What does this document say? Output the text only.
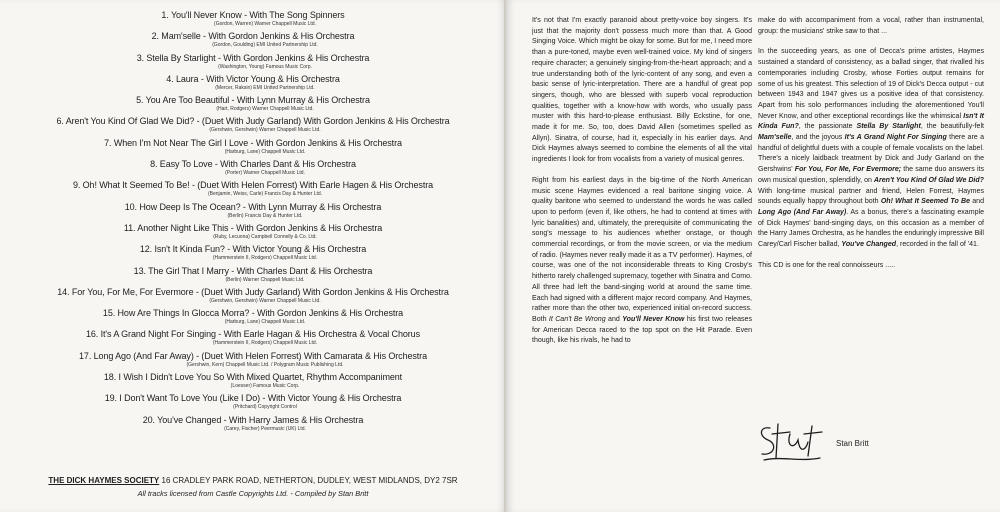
1. You'll Never Know - With The Song Spinners
(Gordon, Warren) Warner Chappell Music Ltd.
2. Mam'selle - With Gordon Jenkins & His Orchestra
(Gordon, Goulding) EMI United Partnership Ltd.
3. Stella By Starlight - With Gordon Jenkins & His Orchestra
(Washington, Young) Famous Music Corp.
4. Laura - With Victor Young & His Orchestra
(Mercer, Raksin) EMI United Partnership Ltd.
5. You Are Too Beautiful - With Lynn Murray & His Orchestra
(Hart, Rodgers) Warner Chappell Music Ltd.
6. Aren't You Kind Of Glad We Did? - (Duet With Judy Garland) With Gordon Jenkins & His Orchestra
(Gershwin, Gershwin) Warner Chappell Music Ltd.
7. When I'm Not Near The Girl I Love - With Gordon Jenkins & His Orchestra
(Harburg, Lane) Chappell Music Ltd.
8. Easy To Love - With Charles Dant & His Orchestra
(Porter) Warner Chappell Music Ltd.
9. Oh! What It Seemed To Be! - (Duet With Helen Forrest) With Earle Hagen & His Orchestra
(Benjamin, Weiss, Carle) Francis Day & Hunter Ltd.
10. How Deep Is The Ocean? - With Lynn Murray & His Orchestra
(Berlin) Francis Day & Hunter Ltd.
11. Another Night Like This - With Gordon Jenkins & His Orchestra
(Ruby, Lecuona) Campbell Connelly & Co. Ltd.
12. Isn't It Kinda Fun? - With Victor Young & His Orchestra
(Hammerstein II, Rodgers) Chappell Music Ltd.
13. The Girl That I Marry - With Charles Dant & His Orchestra
(Berlin) Warner Chappell Music Ltd.
14. For You, For Me, For Evermore - (Duet With Judy Garland) With Gordon Jenkins & His Orchestra
(Gershwin, Gershwin) Warner Chappell Music Ltd.
15. How Are Things In Glocca Morra? - With Gordon Jenkins & His Orchestra
(Harburg, Lane) Chappell Music Ltd.
16. It's A Grand Night For Singing - With Earle Hagan & His Orchestra & Vocal Chorus
(Hammerstein II, Rodgers) Chappell Music Ltd.
17. Long Ago (And Far Away) - (Duet With Helen Forrest) With Camarata & His Orchestra
(Gershwin, Kern) Chappell Music Ltd. / Polygram Music Publishing Ltd.
18. I Wish I Didn't Love You So With Mixed Quartet, Rhythm Accompaniment
(Loesser) Famous Music Corp.
19. I Don't Want To Love You (Like I Do) - With Victor Young & His Orchestra
(Pritchard) Copyright Control
20. You've Changed - With Harry James & His Orchestra
(Carey, Fischer) Peermusic (UK) Ltd.
THE DICK HAYMES SOCIETY 16 CRADLEY PARK ROAD, NETHERTON, DUDLEY, WEST MIDLANDS, DY2 7SR
All tracks licensed from Castle Copyrights Ltd. - Compiled by Stan Britt

It's not that I'm exactly paranoid about pretty-voice boy singers. It's just that the majority don't possess much more than that. A Good Singing Voice. Which might be okay for some. But for me, I need more than a pure-toned, maybe even well-trained voice. My kind of singers require character; a genuinely singing-from-the-heart approach; and a true understanding both of the lyric-content of any song, and even a basic sense of lyric-interpretation. There are a handful of great pop singers, though, who are blessed with superb vocal reproduction qualities, together with a know-how with words, who usually pass muster with this hard-to-please enthusiast. Billy Eckstine, for one, made it for me. So, too, does David Allen (sometimes spelled as Allyn). Sinatra, of course, had it, especially in his earlier days. And Dick Haymes always seemed to combine the elements of all the vital ingredients I look for from vocalists from a variety of musical genres.

Right from his earliest days in the big-time of the North American music scene Haymes evidenced a real baritone singing voice. A quality baritone who seemed to understand the words he was called upon to perform (even if, like others, he had to contend at times with lyric banalities) and, ultimately, the prerequisite of communicating the song's message to his audiences whether onstage, or though commercial recordings, or from the movie screen, or via the medium of radio. (Haymes never really made it as a TV performer). Haymes, of course, was one of the not inconsiderable threats to King Crosby's hitherto rarely challenged supremacy, together with Sinatra and Como. All three had left the band-singing world at around the same time. Each had signed with a different major record company. And Haymes, rather more than the other two, experienced initial on-record success. Both It Can't Be Wrong and You'll Never Know his first two releases for American Decca raced to the top spot on the Hit Parade. Even though, like his rivals, he had to

make do with accompaniment from a vocal, rather than instrumental, group: the musicians' strike saw to that ...

In the succeeding years, as one of Decca's prime artistes, Haymes sustained a standard of consistency, as a ballad singer, that rivalled his contemporaries including Crosby, whose Forties output remains for some of us his greatest. This selection of 19 of Dick's Decca output - cut between 1943 and 1947 gives us a positive idea of that consistency. Apart from his solo performances including the aforementioned You'll Never Know, and other exceptional recordings like the whimsical Isn't It Kinda Fun?, the passionate Stella By Starlight, the beautifully-felt Mam'selle, and the joyous It's A Grand Night For Singing there are a handful of delightful duets with a couple of female vocalists on the label. There's a nicely laidback treatment by Dick and Judy Garland on the Gershwins' For You, For Me, For Evermore; the same duo answers its own musical question, splendidly, on Aren't You Kind Of Glad We Did? With long-time musical partner and friend, Helen Forrest, Haymes sounds equally happy throughout both Oh! What It Seemed To Be and Long Ago (And Far Away). As a bonus, there's a fascinating example of Dick Haymes' band-singing days, on this occasion as a member of the Harry James Orchestra, as he handles the enduringly impressive Bill Carey/Carl Fischer ballad, You've Changed, recorded in the fall of '41.

This CD is one for the real connoisseurs .....

Stan Britt
